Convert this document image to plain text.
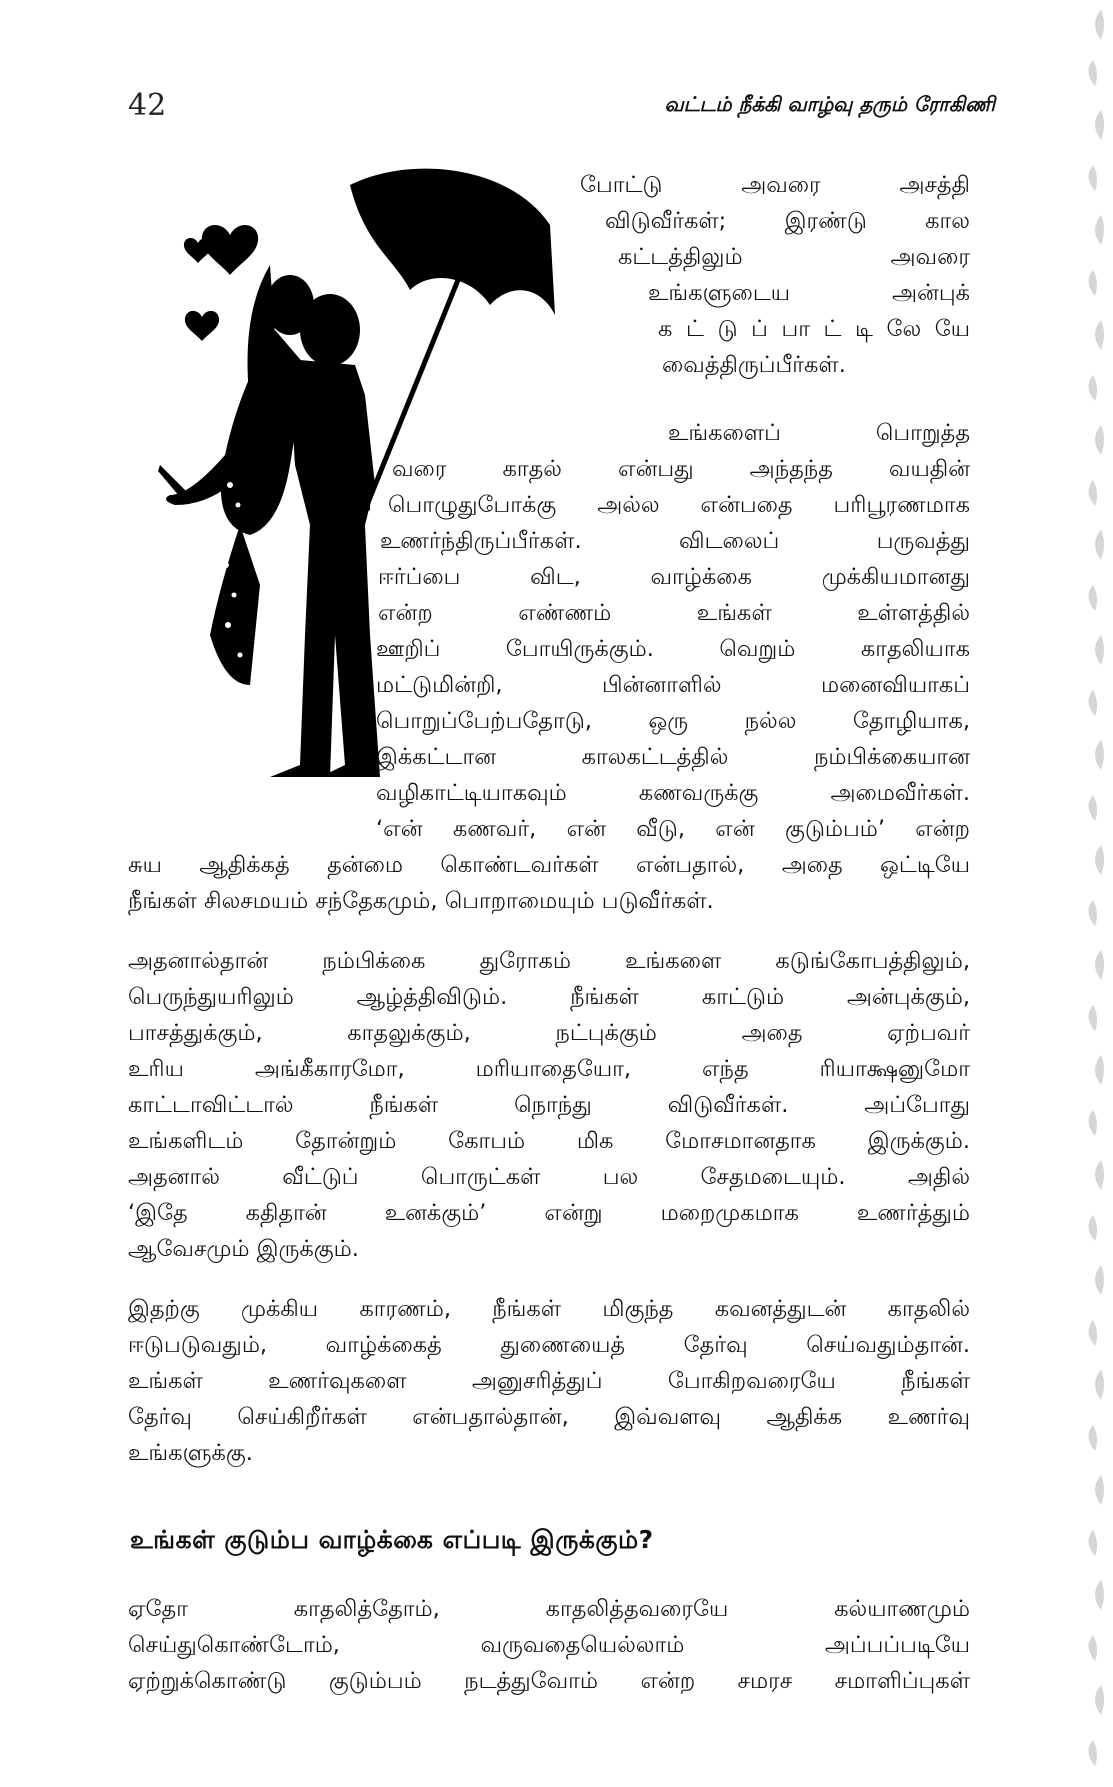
42	வட்டம் நீக்கி வாழ்வு தரும் ரோகிணி
போட்டு அவரை அசத்தி
விடுவீர்கள்; இரண்டு கால
கட்டத்திலும் அவரை
உங்களுடைய அன்புக்
க ட் டு ப் பா ட் டி லே யே
வைத்திருப்பீர்கள்.
உங்களைப் பொறுத்த
வரை காதல் என்பது அந்தந்த வயதின்
பொழுதுபோக்கு அல்ல என்பதை பரிபூரணமாக
உணர்ந்திருப்பீர்கள். விடலைப் பருவத்து
ஈர்ப்பை விட, வாழ்க்கை முக்கியமானது
என்ற எண்ணம் உங்கள் உள்ளத்தில்
ஊறிப் போயிருக்கும். வெறும் காதலியாக
மட்டுமின்றி, பின்னாளில் மனைவியாகப்
பொறுப்பேற்பதோடு, ஒரு நல்ல தோழியாக,
இக்கட்டான காலகட்டத்தில் நம்பிக்கையான
வழிகாட்டியாகவும் கணவருக்கு அமைவீர்கள்.
‘என் கணவர், என் வீடு, என் குடும்பம்’ என்ற
சுய ஆதிக்கத் தன்மை கொண்டவர்கள் என்பதால், அதை ஒட்டியே
நீங்கள் சிலசமயம் சந்தேகமும், பொறாமையும் படுவீர்கள்.
அதனால்தான் நம்பிக்கை துரோகம் உங்களை கடுங்கோபத்திலும்,
பெருந்துயரிலும் ஆழ்த்திவிடும். நீங்கள் காட்டும் அன்புக்கும்,
பாசத்துக்கும், காதலுக்கும், நட்புக்கும் அதை ஏற்பவர்
உரிய அங்கீகாரமோ, மரியாதையோ, எந்த ரியாக்ஷனுமோ
காட்டாவிட்டால் நீங்கள் நொந்து விடுவீர்கள். அப்போது
உங்களிடம் தோன்றும் கோபம் மிக மோசமானதாக இருக்கும்.
அதனால் வீட்டுப் பொருட்கள் பல சேதமடையும். அதில்
‘இதே கதிதான் உனக்கும்’ என்று மறைமுகமாக உணர்த்தும்
ஆவேசமும் இருக்கும்.
இதற்கு முக்கிய காரணம், நீங்கள் மிகுந்த கவனத்துடன் காதலில்
ஈடுபடுவதும், வாழ்க்கைத் துணையைத் தேர்வு செய்வதும்தான்.
உங்கள் உணர்வுகளை அனுசரித்துப் போகிறவரையே நீங்கள்
தேர்வு செய்கிறீர்கள் என்பதால்தான், இவ்வளவு ஆதிக்க உணர்வு
உங்களுக்கு.
உங்கள் குடும்ப வாழ்க்கை எப்படி இருக்கும்?
ஏதோ காதலித்தோம், காதலித்தவரையே கல்யாணமும்
செய்துகொண்டோம், வருவதையெல்லாம் அப்பப்படியே
ஏற்றுக்கொண்டு குடும்பம் நடத்துவோம் என்ற சமரச சமாளிப்புகள்
